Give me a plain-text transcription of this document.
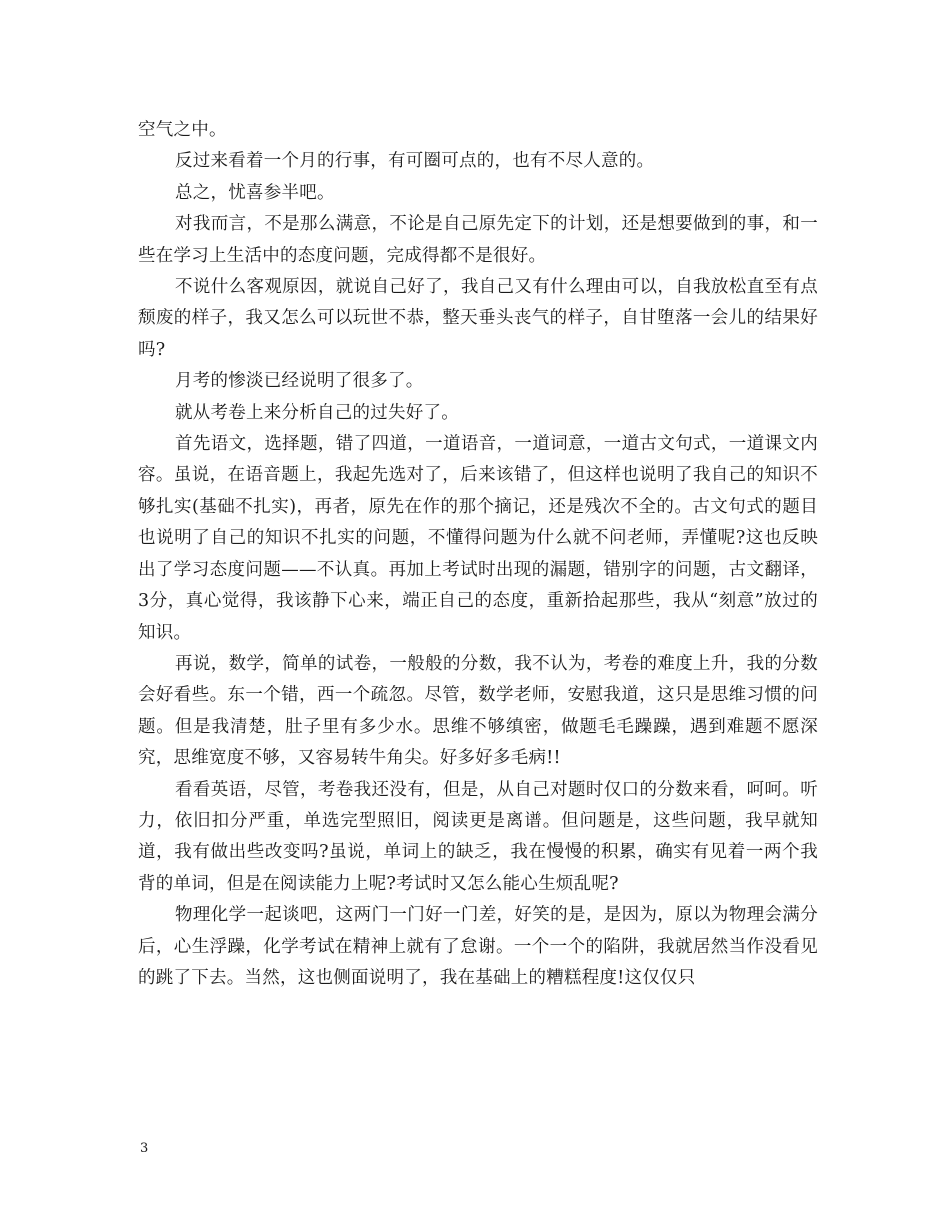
空气之中。

反过来看着一个月的行事，有可圈可点的，也有不尽人意的。

总之，忧喜参半吧。

对我而言，不是那么满意，不论是自己原先定下的计划，还是想要做到的事，和一些在学习上生活中的态度问题，完成得都不是很好。

不说什么客观原因，就说自己好了，我自己又有什么理由可以，自我放松直至有点颓废的样子，我又怎么可以玩世不恭，整天垂头丧气的样子，自甘堕落一会儿的结果好吗?

月考的惨淡已经说明了很多了。

就从考卷上来分析自己的过失好了。

首先语文，选择题，错了四道，一道语音，一道词意，一道古文句式，一道课文内容。虽说，在语音题上，我起先选对了，后来该错了，但这样也说明了我自己的知识不够扎实(基础不扎实)，再者，原先在作的那个摘记，还是残次不全的。古文句式的题目也说明了自己的知识不扎实的问题，不懂得问题为什么就不问老师，弄懂呢?这也反映出了学习态度问题——不认真。再加上考试时出现的漏题，错别字的问题，古文翻译，3分，真心觉得，我该静下心来，端正自己的态度，重新拾起那些，我从“刻意”放过的知识。

再说，数学，简单的试卷，一般般的分数，我不认为，考卷的难度上升，我的分数会好看些。东一个错，西一个疏忽。尽管，数学老师，安慰我道，这只是思维习惯的问题。但是我清楚，肚子里有多少水。思维不够缜密，做题毛毛躁躁，遇到难题不愿深究，思维宽度不够，又容易转牛角尖。好多好多毛病!!

看看英语，尽管，考卷我还没有，但是，从自己对题时仅口的分数来看，呵呵。听力，依旧扣分严重，单选完型照旧，阅读更是离谱。但问题是，这些问题，我早就知道，我有做出些改变吗?虽说，单词上的缺乏，我在慢慢的积累，确实有见着一两个我背的单词，但是在阅读能力上呢?考试时又怎么能心生烦乱呢?

物理化学一起谈吧，这两门一门好一门差，好笑的是，是因为，原以为物理会满分后，心生浮躁，化学考试在精神上就有了怠谢。一个一个的陷阱，我就居然当作没看见的跳了下去。当然，这也侧面说明了，我在基础上的糟糕程度!这仅仅只

3
